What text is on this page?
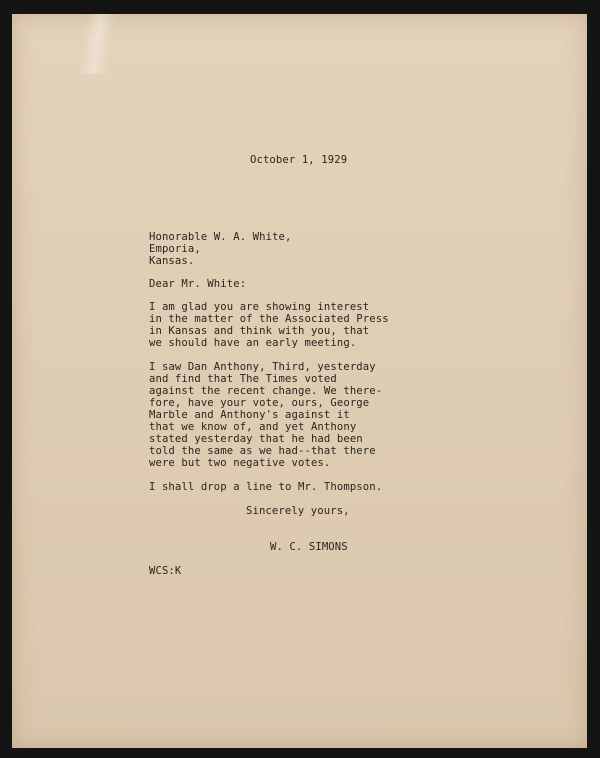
October 1, 1929
Honorable W. A. White,
Emporia,
Kansas.
Dear Mr. White:
I am glad you are showing interest
in the matter of the Associated Press
in Kansas and think with you, that
we should have an early meeting.
I saw Dan Anthony, Third, yesterday
and find that The Times voted
against the recent change. We there-
fore, have your vote, ours, George
Marble and Anthony's against it
that we know of, and yet Anthony
stated yesterday that he had been
told the same as we had--that there
were but two negative votes.
I shall drop a line to Mr. Thompson.
Sincerely yours,
W. C. SIMONS
WCS:K
